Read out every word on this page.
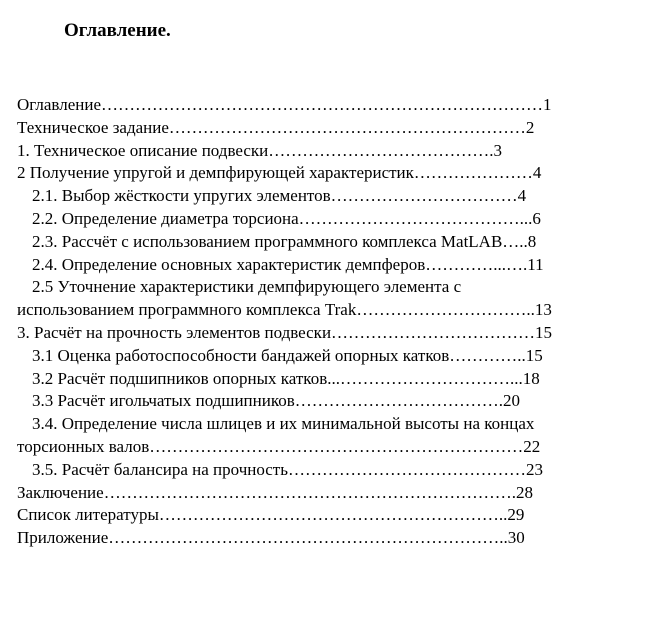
Оглавление.

Оглавление……………………………………………………………………1

Техническое задание………………………………………………………2

1. Техническое описание подвески………………………………….3

2 Получение упругой и демпфирующей характеристик…………………4

2.1. Выбор жёсткости упругих элементов……………………………4

2.2. Определение диаметра торсиона…………………………………...6

2.3. Рассчёт с использованием программного комплекса MatLAB…..8

2.4. Определение основных характеристик демпферов…………...….11

2.5 Уточнение характеристики демпфирующего элемента с
использованием программного комплекса Trak…………………………..13

3. Расчёт на прочность элементов подвески………………………………15

3.1 Оценка работоспособности бандажей опорных катков…………..15

3.2 Расчёт подшипников опорных катков...…………………………...18

3.3 Расчёт игольчатых подшипников……………………………….20

3.4. Определение числа шлицев и их минимальной высоты на концах
торсионных валов…………………………………………………………22

3.5. Расчёт балансира на прочность……………………………………23

Заключение……………………………………………………………….28

Список литературы……………………………………………………..29

Приложение……………………………………………………………..30
